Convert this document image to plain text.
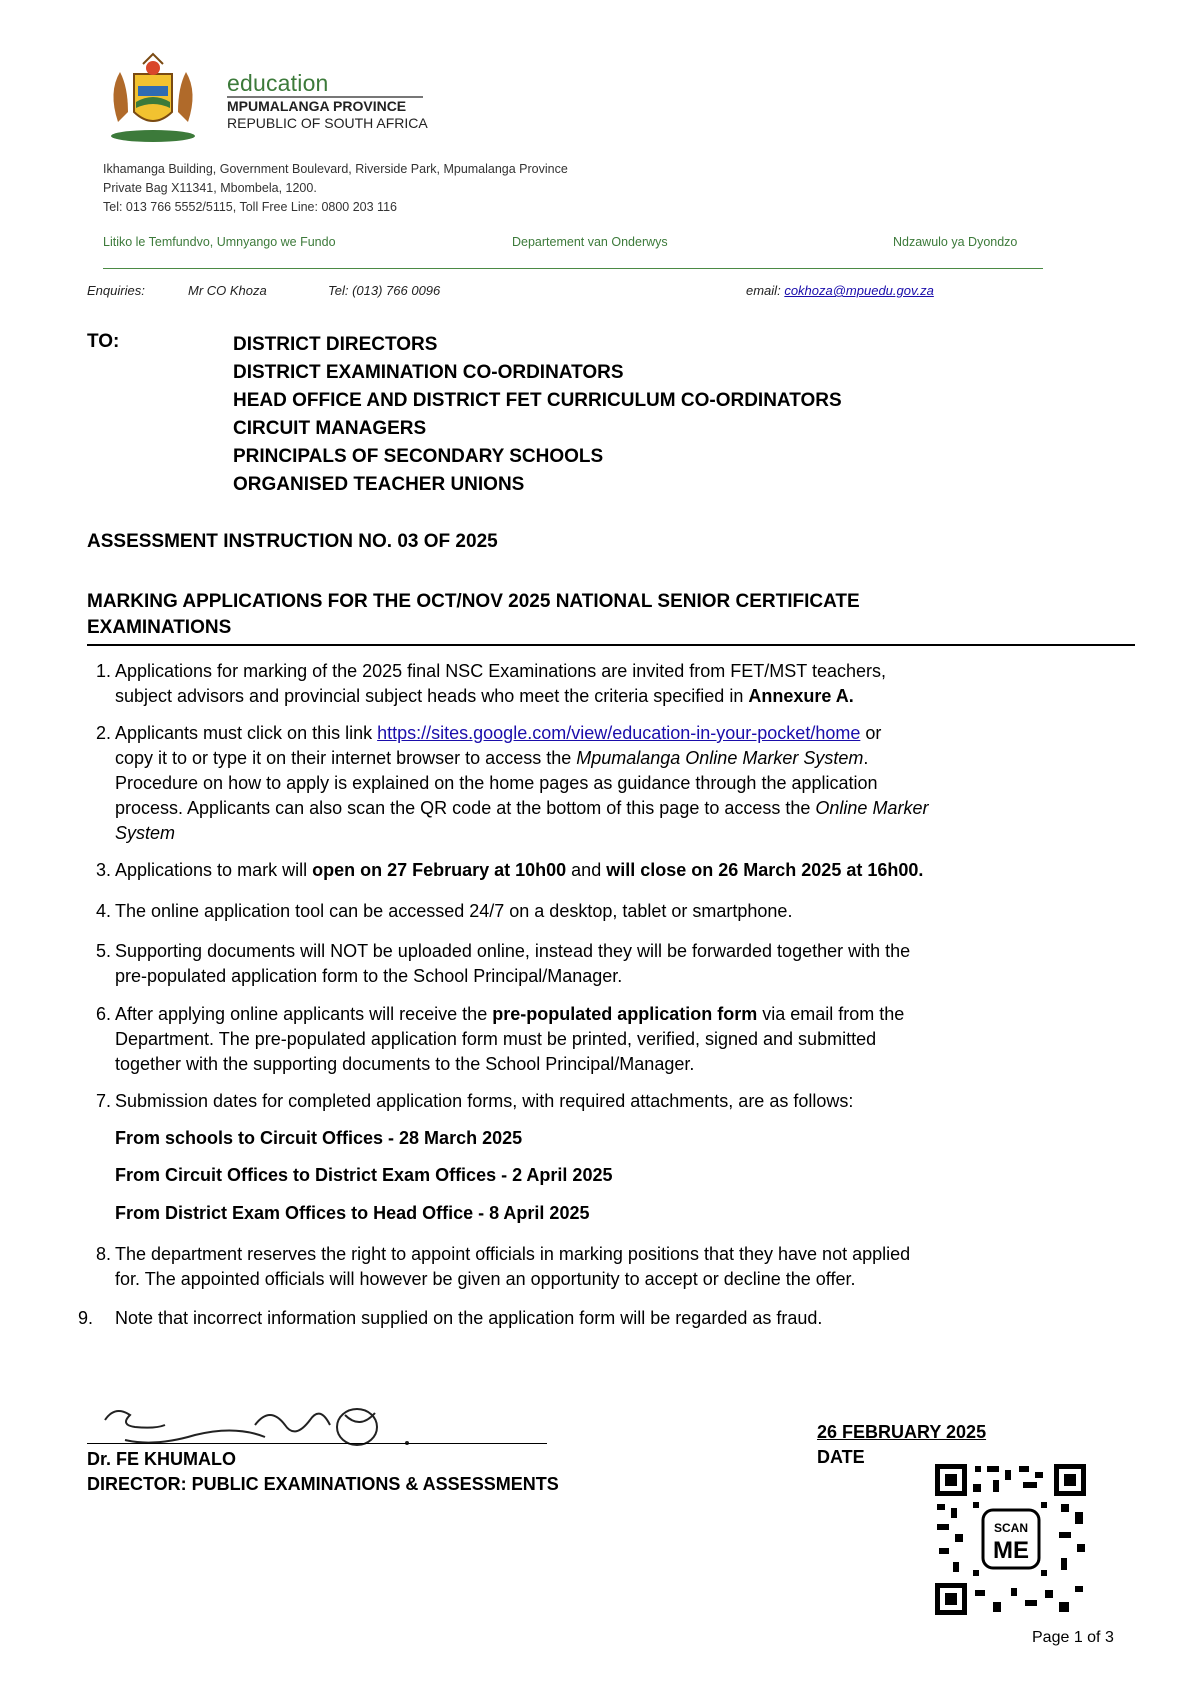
education
MPUMALANGA PROVINCE
REPUBLIC OF SOUTH AFRICA
Ikhamanga Building, Government Boulevard, Riverside Park, Mpumalanga Province
Private Bag X11341, Mbombela, 1200.
Tel: 013 766 5552/5115, Toll Free Line: 0800 203 116
Litiko le Temfundvo, Umnyango we Fundo	Departement van Onderwys	Ndzawulo ya Dyondzo
Enquiries:	Mr CO Khoza	Tel: (013) 766 0096	email: cokhoza@mpuedu.gov.za
TO:	DISTRICT DIRECTORS
DISTRICT EXAMINATION CO-ORDINATORS
HEAD OFFICE AND DISTRICT FET CURRICULUM CO-ORDINATORS
CIRCUIT MANAGERS
PRINCIPALS OF SECONDARY SCHOOLS
ORGANISED TEACHER UNIONS
ASSESSMENT INSTRUCTION NO. 03 OF 2025
MARKING APPLICATIONS FOR THE OCT/NOV 2025 NATIONAL SENIOR CERTIFICATE
EXAMINATIONS
1. Applications for marking of the 2025 final NSC Examinations are invited from FET/MST teachers,
subject advisors and provincial subject heads who meet the criteria specified in Annexure A.
2. Applicants must click on this link https://sites.google.com/view/education-in-your-pocket/home or
copy it to or type it on their internet browser to access the Mpumalanga Online Marker System.
Procedure on how to apply is explained on the home pages as guidance through the application
process. Applicants can also scan the QR code at the bottom of this page to access the Online Marker
System
3. Applications to mark will open on 27 February at 10h00 and will close on 26 March 2025 at 16h00.
4. The online application tool can be accessed 24/7 on a desktop, tablet or smartphone.
5. Supporting documents will NOT be uploaded online, instead they will be forwarded together with the
pre-populated application form to the School Principal/Manager.
6. After applying online applicants will receive the pre-populated application form via email from the
Department. The pre-populated application form must be printed, verified, signed and submitted
together with the supporting documents to the School Principal/Manager.
7. Submission dates for completed application forms, with required attachments, are as follows:
From schools to Circuit Offices - 28 March 2025
From Circuit Offices to District Exam Offices - 2 April 2025
From District Exam Offices to Head Office - 8 April 2025
8. The department reserves the right to appoint officials in marking positions that they have not applied
for. The appointed officials will however be given an opportunity to accept or decline the offer.
9. Note that incorrect information supplied on the application form will be regarded as fraud.
Dr. FE KHUMALO
DIRECTOR: PUBLIC EXAMINATIONS & ASSESSMENTS
26 FEBRUARY 2025
DATE
SCAN
ME
Page 1 of 3
